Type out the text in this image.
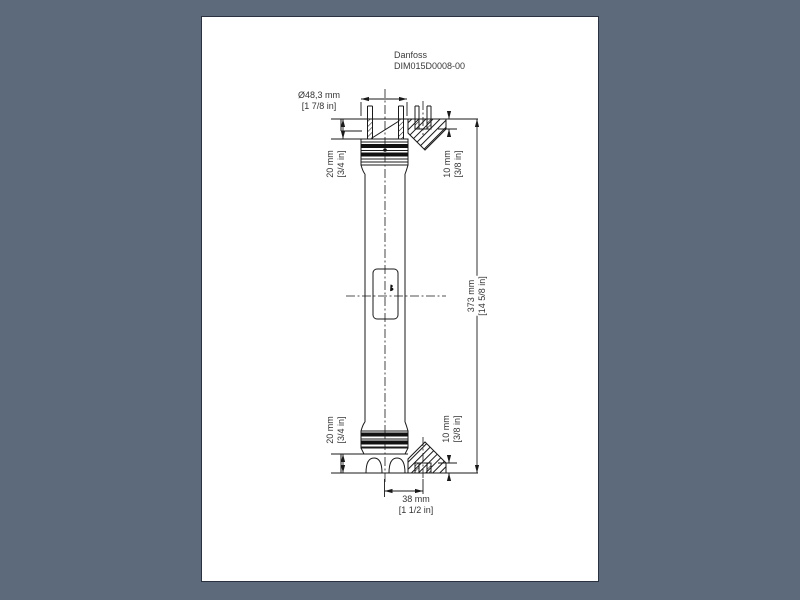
Danfoss
DIM015D0008-00
Ø48,3 mm
[1 7/8 in]
20 mm [3/4 in]	10 mm [3/8 in]
373 mm [14 5/8 in]
20 mm [3/4 in]	10 mm [3/8 in]
38 mm
[1 1/2 in]
